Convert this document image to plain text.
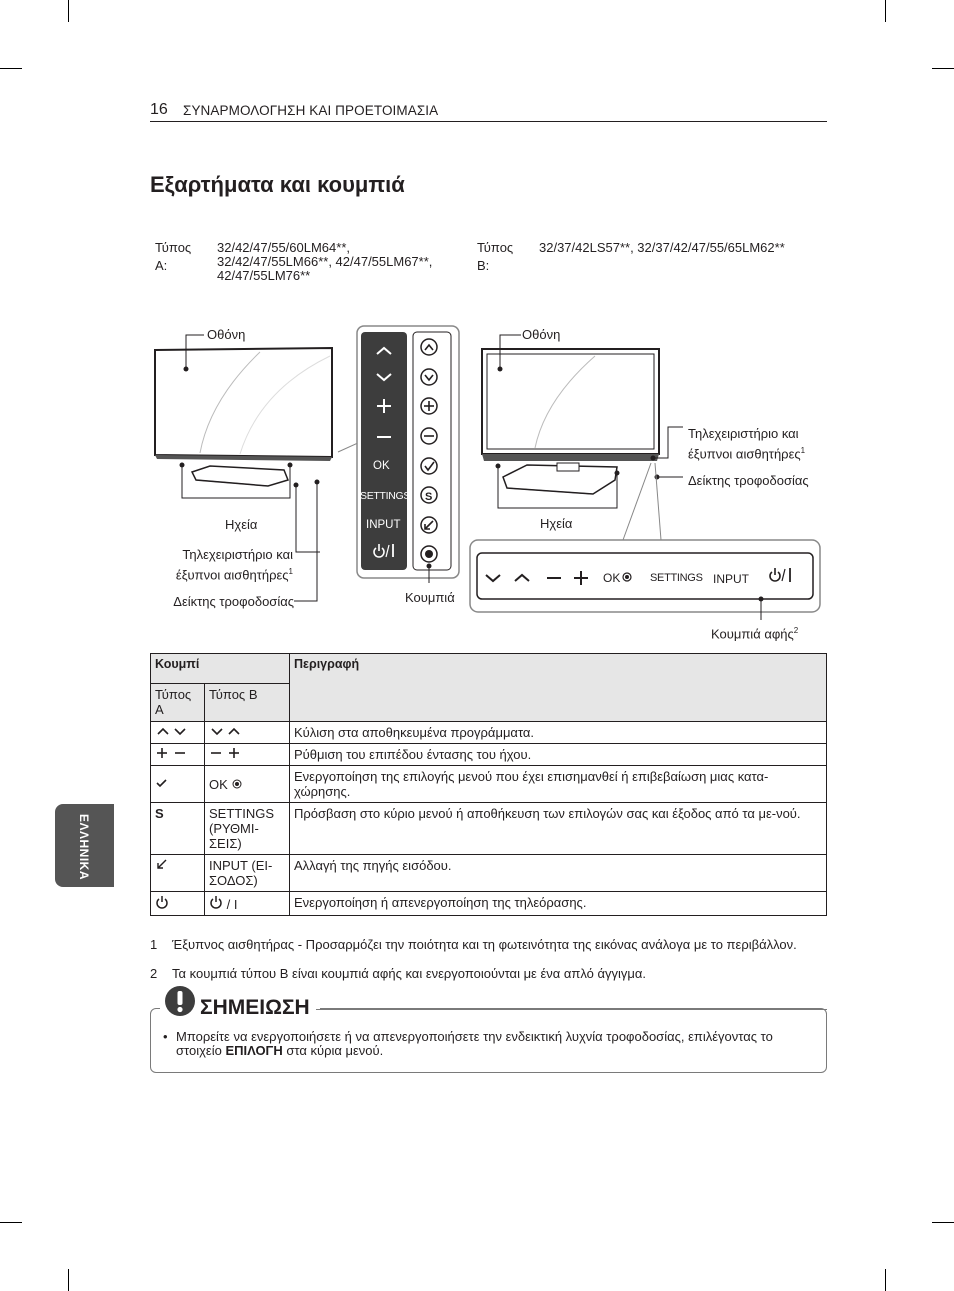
16 ΣΥΝΑΡΜΟΛΟΓΗΣΗ ΚΑΙ ΠΡΟΕΤΟΙΜΑΣΙΑ
Εξαρτήματα και κουμπιά
Τύπος
A:
32/42/47/55/60LM64**,
32/42/47/55LM66**, 42/47/55LM67**,
42/47/55LM76**
Τύπος
B:
32/37/42LS57**, 32/37/42/47/55/65LM62**
S
OK
SETTINGS
INPUT
Οθόνη
Ηχεία
Τηλεχειριστήριο και
έξυπνοι αισθητήρες$^1$
Δείκτης τροφοδοσίας	Κουμπιά
OK	SETTINGS INPUT
Οθόνη
Ηχεία
Τηλεχειριστήριο και
έξυπνοι αισθητήρες$^1$
Δείκτης τροφοδοσίας
Κουμπιά αφής$^2$
Κουμπί		Περιγραφή
Τύπος A	Τύπος B	
		Κύλιση στα αποθηκευμένα προγράμματα.
		Ρύθμιση του επιπέδου έντασης του ήχου.
	OK	Ενεργοποίηση της επιλογής μενού που έχει επισημανθεί ή επιβεβαίωση μιας κατα-χώρησης.
S	SETTINGS (ΡΥΘΜΙ-ΣΕΙΣ)	Πρόσβαση στο κύριο μενού ή αποθήκευση των επιλογών σας και έξοδος από τα με-νού.
	INPUT (ΕΙ-ΣΟΔΟΣ)	Αλλαγή της πηγής εισόδου.
	/ I	Ενεργοποίηση ή απενεργοποίηση της τηλεόρασης.
1 Έξυπνος αισθητήρας - Προσαρμόζει την ποιότητα και τη φωτεινότητα της εικόνας ανάλογα με το περιβάλλον.
2 Τα κουμπιά τύπου B είναι κουμπιά αφής και ενεργοποιούνται με ένα απλό άγγιγμα.
ΣΗΜΕΙΩΣΗ
• Μπορείτε να ενεργοποιήσετε ή να απενεργοποιήσετε την ενδεικτική λυχνία τροφοδοσίας, επιλέγοντας το στοιχείο ΕΠΙΛΟΓΗ στα κύρια μενού.
ΕΛΛΗΝΙΚΑ
